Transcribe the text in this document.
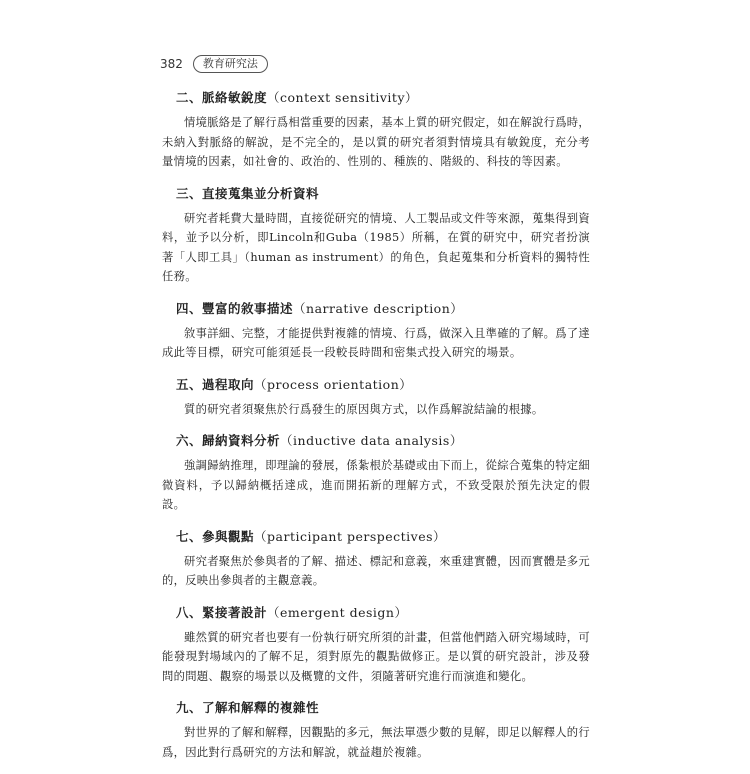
382	教育研究法
二、脈絡敏銳度（context sensitivity）

情境脈絡是了解行爲相當重要的因素，基本上質的研究假定，如在解說行爲時，未納入對脈絡的解說，是不完全的，是以質的研究者須對情境具有敏銳度，充分考量情境的因素，如社會的、政治的、性別的、種族的、階級的、科技的等因素。

三、直接蒐集並分析資料

研究者耗費大量時間，直接從研究的情境、人工製品或文件等來源，蒐集得到資料，並予以分析，即Lincoln和Guba（1985）所稱，在質的研究中，研究者扮演著「人即工具」（human as instrument）的角色，負起蒐集和分析資料的獨特性任務。

四、豐富的敘事描述（narrative description）

敘事詳細、完整，才能提供對複雜的情境、行爲，做深入且準確的了解。爲了達成此等目標，研究可能須延長一段較長時間和密集式投入研究的場景。

五、過程取向（process orientation）

質的研究者須聚焦於行爲發生的原因與方式，以作爲解說結論的根據。

六、歸納資料分析（inductive data analysis）

強調歸納推理，即理論的發展，係紮根於基礎或由下而上，從綜合蒐集的特定細微資料，予以歸納概括達成，進而開拓新的理解方式，不致受限於預先決定的假設。

七、參與觀點（participant perspectives）

研究者聚焦於參與者的了解、描述、標記和意義，來重建實體，因而實體是多元的，反映出參與者的主觀意義。

八、緊接著設計（emergent design）

雖然質的研究者也要有一份執行研究所須的計畫，但當他們踏入研究場域時，可能發現對場域內的了解不足，須對原先的觀點做修正。是以質的研究設計，涉及發問的問題、觀察的場景以及概覽的文件，須隨著研究進行而演進和變化。

九、了解和解釋的複雜性

對世界的了解和解釋，因觀點的多元，無法單憑少數的見解，即足以解釋人的行爲，因此對行爲研究的方法和解說，就益趨於複雜。
